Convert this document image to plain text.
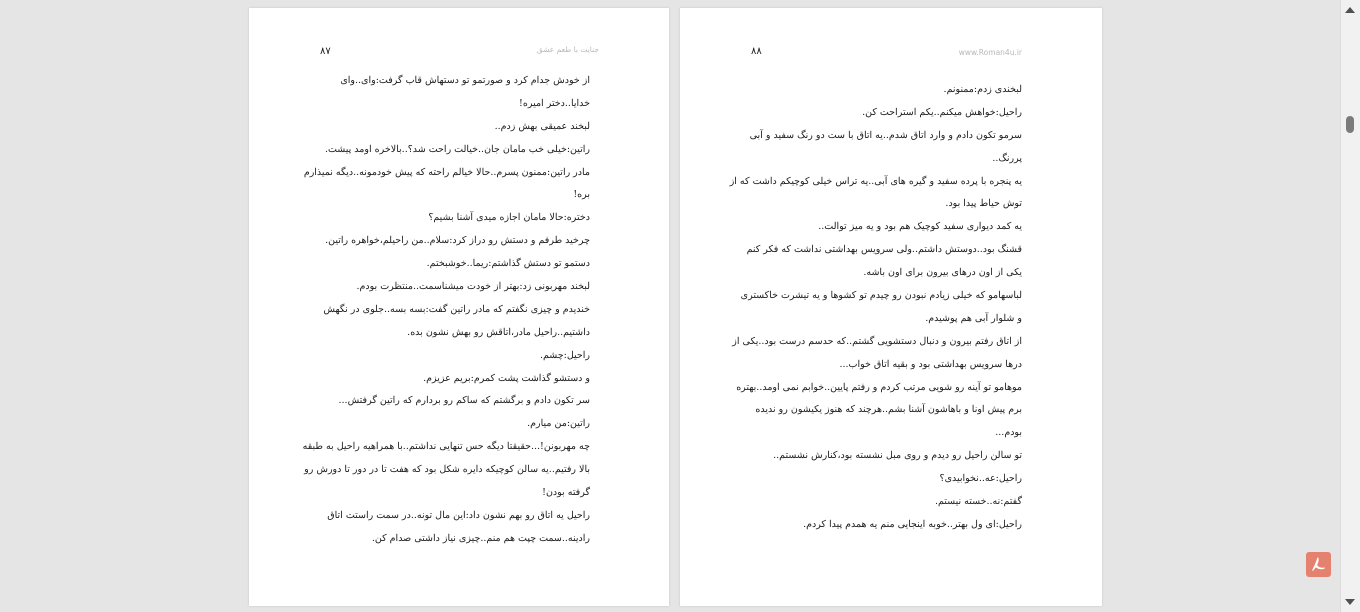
۸۷	جنایت با طعم عشق
از خودش جدام کرد و صورتمو تو دستهاش قاب گرفت:وای..وای
خدایا..دختر امیره!
لبخند عمیقی بهش زدم..
راتین:خیلی خب مامان جان..خیالت راحت شد؟..بالاخره اومد پیشت.
مادر راتین:ممنون پسرم..حالا خیالم راحته که پیش خودمونه..دیگه نمیذارم
بره!
دختره:حالا مامان اجازه میدی آشنا بشیم؟
چرخید طرفم و دستش رو دراز کرد:سلام..من راحیلم،خواهره راتین.
دستمو تو دستش گذاشتم:ریما..خوشبختم.
لبخند مهربونی زد:بهتر از خودت میشناسمت..منتظرت بودم.
خندیدم و چیزی نگفتم که مادر راتین گفت:بسه بسه..جلوی در نگهش
داشتیم..راحیل مادر،اتاقش رو بهش نشون بده.
راحیل:چشم.
و دستشو گذاشت پشت کمرم:بریم عزیزم.
سر تکون دادم و برگشتم که ساکم رو بردارم که راتین گرفتش...
راتین:من میارم.
چه مهربونن!...حقیقتا دیگه حس تنهایی نداشتم..با همراهیه راحیل به طبقه
بالا رفتیم..یه سالن کوچیکه دایره شکل بود که هفت تا در دور تا دورش رو
گرفته بودن!
راحیل یه اتاق رو بهم نشون داد:این مال تونه..در سمت راستت اتاق
رادینه..سمت چپت هم منم..چیزی نیاز داشتی صدام کن.
۸۸	www.Roman4u.ir
لبخندی زدم:ممنونم.
راحیل:خواهش میکنم..یکم استراحت کن.
سرمو تکون دادم و وارد اتاق شدم..یه اتاق با ست دو رنگ سفید و آبی
پررنگ..
یه پنجره با پرده سفید و گیره های آبی..یه تراس خیلی کوچیکم داشت که از
توش حیاط پیدا بود.
یه کمد دیواری سفید کوچیک هم بود و یه میز توالت..
قشنگ بود..دوستش داشتم..ولی سرویس بهداشتی نداشت که فکر کنم
یکی از اون درهای بیرون برای اون باشه.
لباسهامو که خیلی زیادم نبودن رو چیدم تو کشوها و یه تیشرت خاکستری
و شلوار آبی هم پوشیدم.
از اتاق رفتم بیرون و دنبال دستشویی گشتم..که حدسم درست بود..یکی از
درها سرویس بهداشتی بود و بقیه اتاق خواب...
موهامو تو آینه رو شویی مرتب کردم و رفتم پایین..خوابم نمی اومد..بهتره
برم پیش اونا و باهاشون آشنا بشم..هرچند که هنوز یکیشون رو ندیده
بودم...
تو سالن راحیل رو دیدم و روی مبل نشسته بود،کنارش نشستم..
راحیل:عه..نخوابیدی؟
گفتم:نه..خسته نیستم.
راحیل:ای ول بهتر..خوبه اینجایی منم یه همدم پیدا کردم.
